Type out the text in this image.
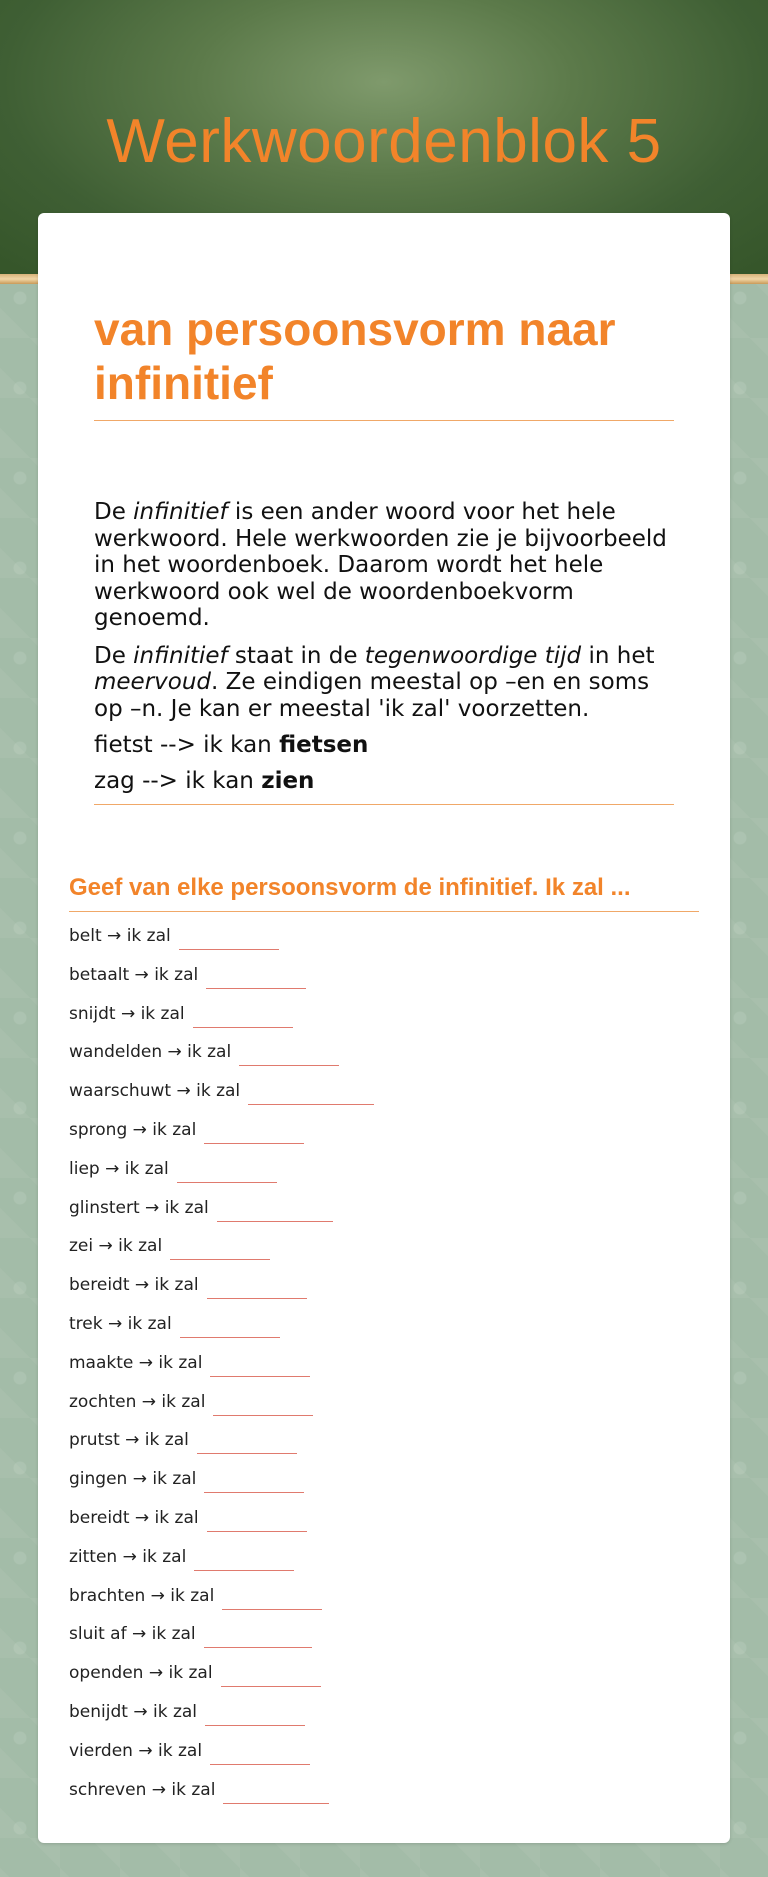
Werkwoordenblok 5
van persoonsvorm naar infinitief

De infinitief is een ander woord voor het hele werkwoord. Hele werkwoorden zie je bijvoorbeeld in het woordenboek. Daarom wordt het hele werkwoord ook wel de woordenboekvorm genoemd.

De infinitief staat in de tegenwoordige tijd in het meervoud. Ze eindigen meestal op –en en soms op –n. Je kan er meestal 'ik zal' voorzetten.

fietst --> ik kan fietsen
zag --> ik kan zien
Geef van elke persoonsvorm de infinitief. Ik zal ...
belt → ik zal
betaalt → ik zal
snijdt → ik zal
wandelden → ik zal
waarschuwt → ik zal
sprong → ik zal
liep → ik zal
glinstert → ik zal
zei → ik zal
bereidt → ik zal
trek → ik zal
maakte → ik zal
zochten → ik zal
prutst → ik zal
gingen → ik zal
bereidt → ik zal
zitten → ik zal
brachten → ik zal
sluit af → ik zal
openden → ik zal
benijdt → ik zal
vierden → ik zal
schreven → ik zal
